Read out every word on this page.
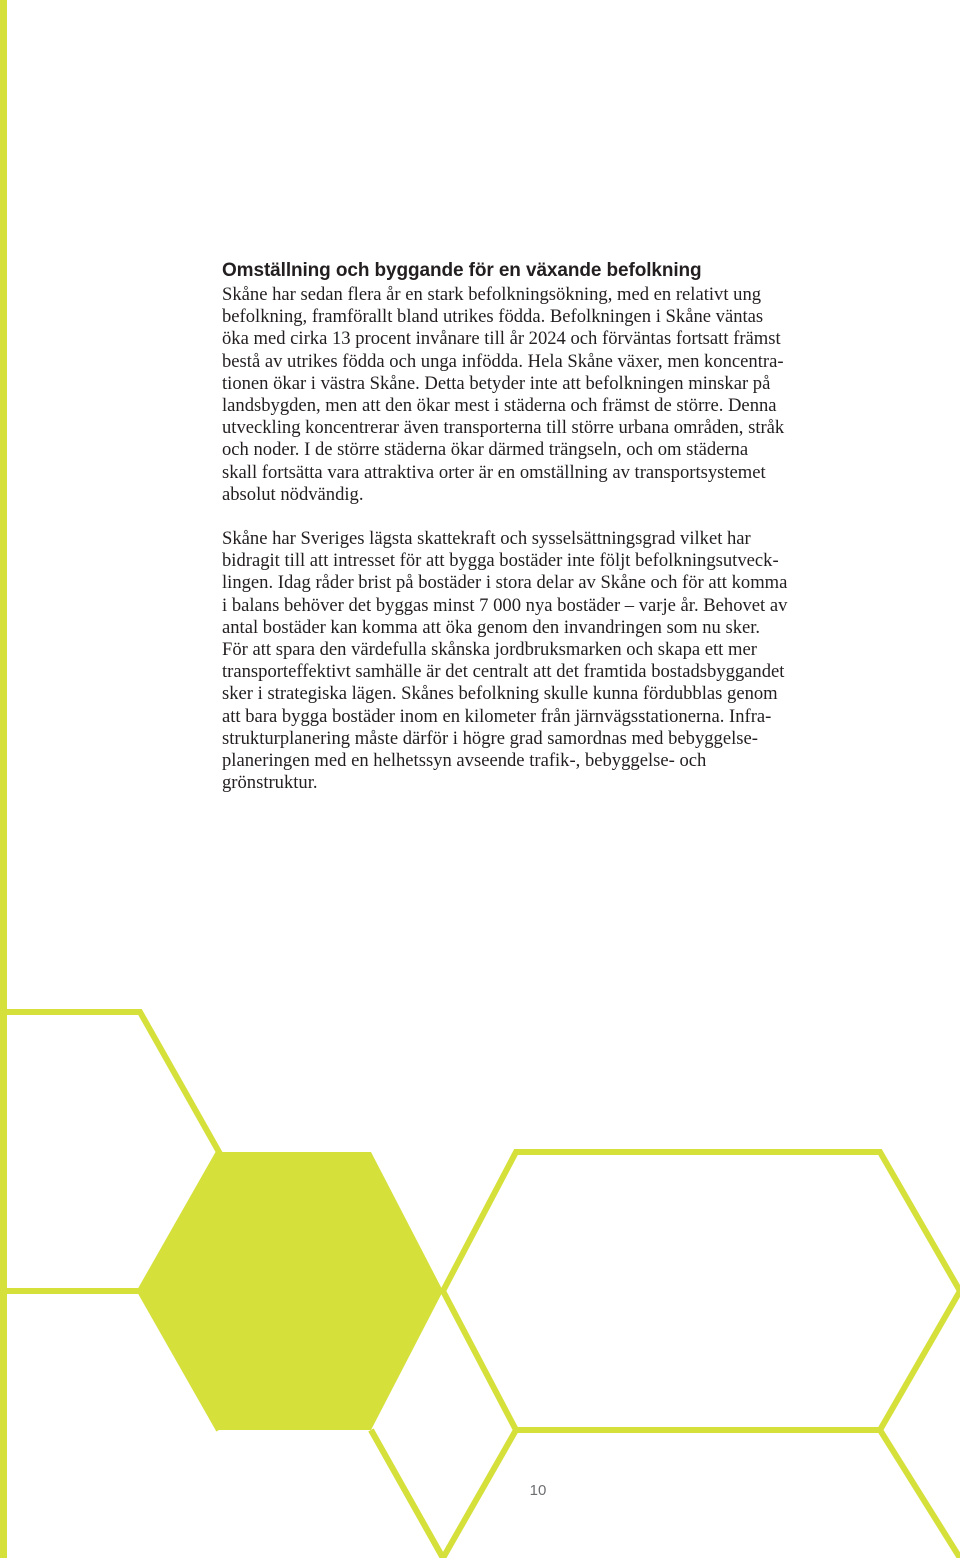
Omställning och byggande för en växande befolkning

Skåne har sedan flera år en stark befolkningsökning, med en relativt ung
befolkning, framförallt bland utrikes födda. Befolkningen i Skåne väntas
öka med cirka 13 procent invånare till år 2024 och förväntas fortsatt främst
bestå av utrikes födda och unga infödda. Hela Skåne växer, men koncentra-
tionen ökar i västra Skåne. Detta betyder inte att befolkningen minskar på
landsbygden, men att den ökar mest i städerna och främst de större. Denna
utveckling koncentrerar även transporterna till större urbana områden, stråk
och noder. I de större städerna ökar därmed trängseln, och om städerna
skall fortsätta vara attraktiva orter är en omställning av transportsystemet
absolut nödvändig.

Skåne har Sveriges lägsta skattekraft och sysselsättningsgrad vilket har
bidragit till att intresset för att bygga bostäder inte följt befolkningsutveck-
lingen. Idag råder brist på bostäder i stora delar av Skåne och för att komma
i balans behöver det byggas minst 7 000 nya bostäder – varje år. Behovet av
antal bostäder kan komma att öka genom den invandringen som nu sker.
För att spara den värdefulla skånska jordbruksmarken och skapa ett mer
transporteffektivt samhälle är det centralt att det framtida bostadsbyggandet
sker i strategiska lägen. Skånes befolkning skulle kunna fördubblas genom
att bara bygga bostäder inom en kilometer från järnvägsstationerna. Infra-
strukturplanering måste därför i högre grad samordnas med bebyggelse-
planeringen med en helhetssyn avseende trafik-, bebyggelse- och
grönstruktur.

10
